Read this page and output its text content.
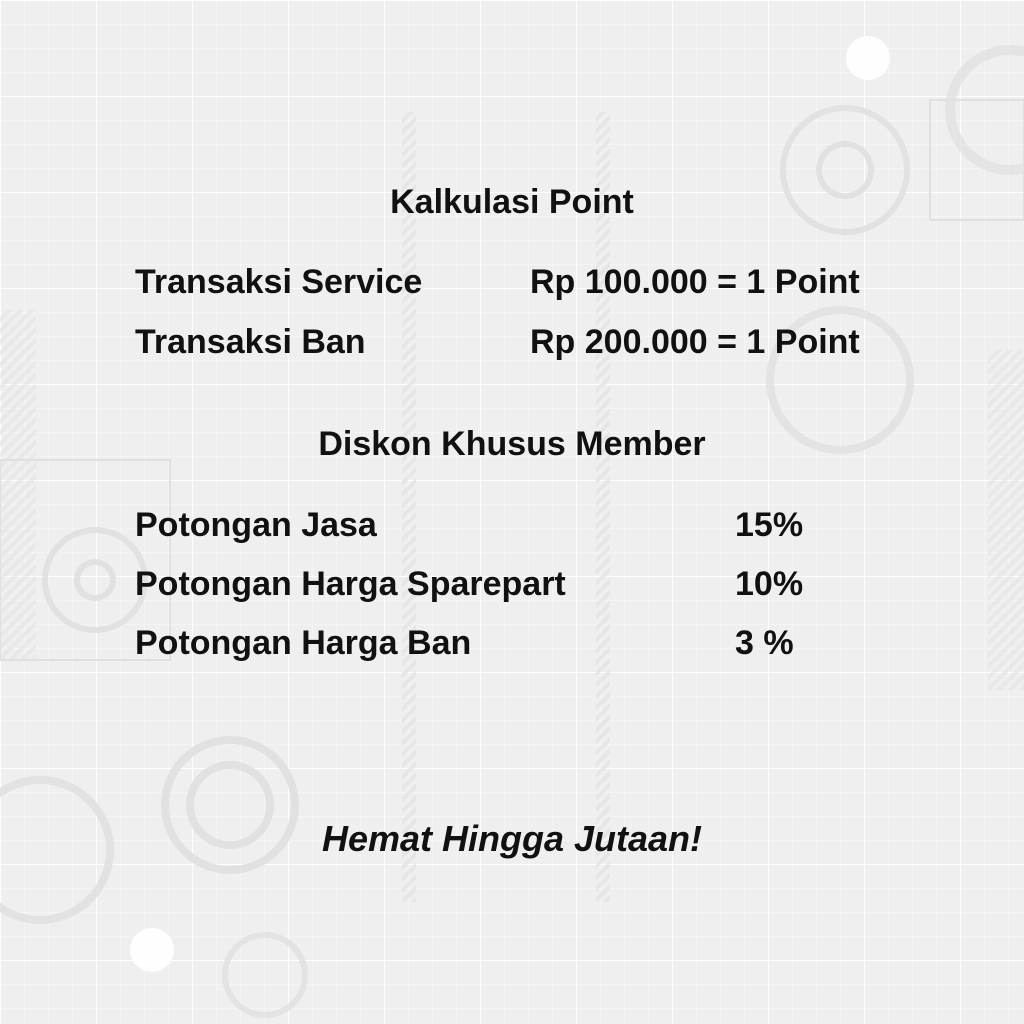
Kalkulasi Point
Transaksi Service	Rp 100.000 = 1 Point
Transaksi Ban	Rp 200.000 = 1 Point
Diskon Khusus Member
Potongan Jasa	15%
Potongan Harga Sparepart	10%
Potongan Harga Ban	3 %
Hemat Hingga Jutaan!
